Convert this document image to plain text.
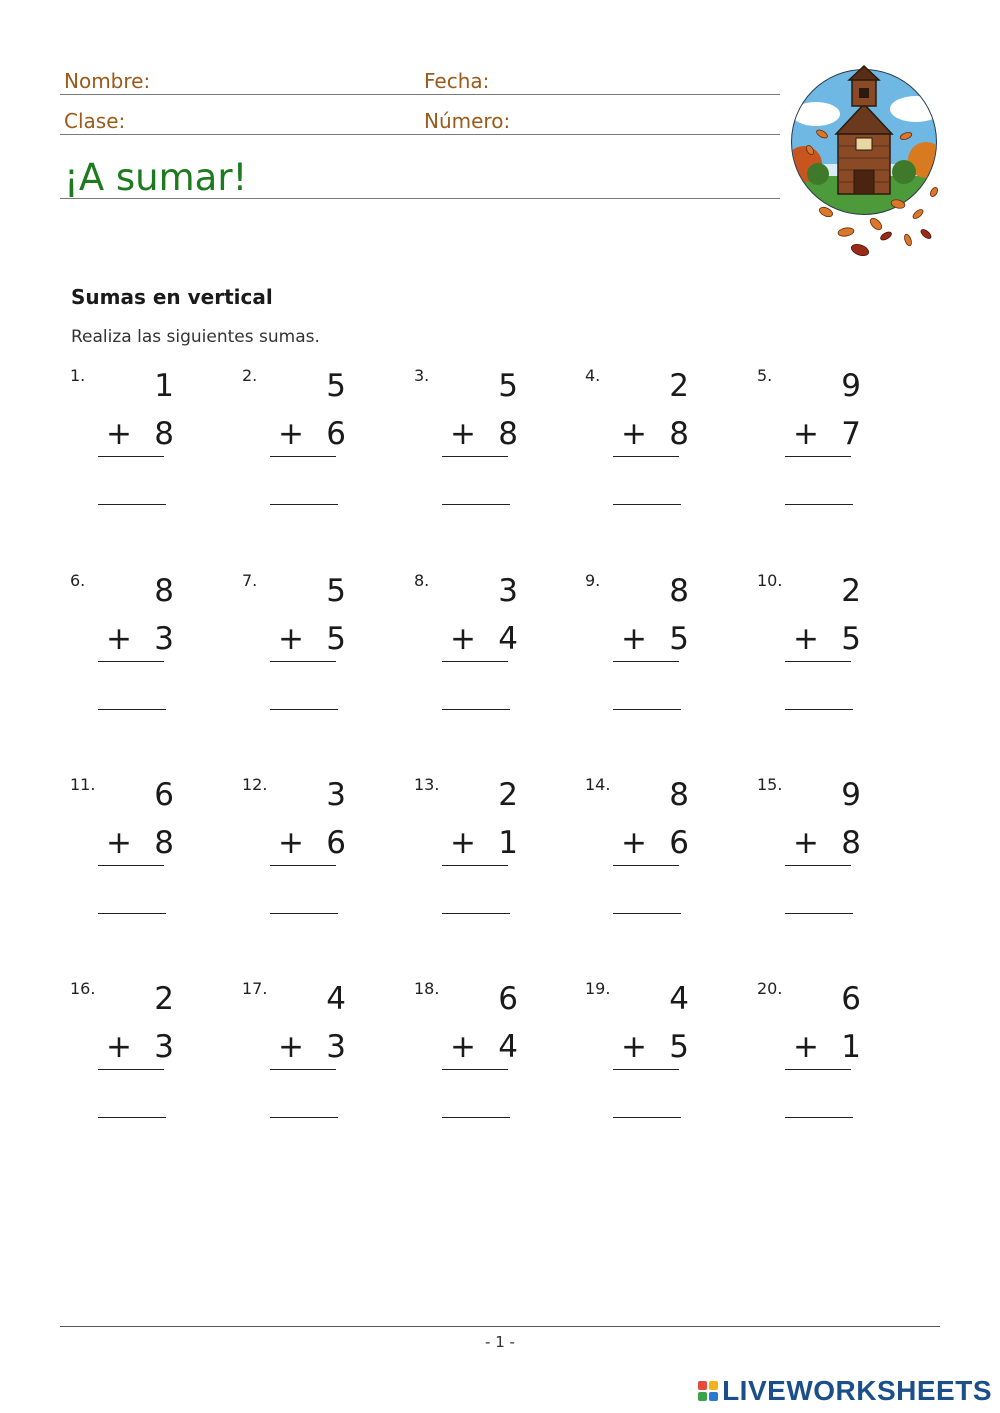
Nombre:	Fecha:
Clase:	Número:
¡A sumar!
Sumas en vertical
Realiza las siguientes sumas.
1.	1
+ 8
2.	5
+ 6
3.	5
+ 8
4.	2
+ 8
5.	9
+ 7
6.	8
+ 3
7.	5
+ 5
8.	3
+ 4
9.	8
+ 5
10.	2
+ 5
11.	6
+ 8
12.	3
+ 6
13.	2
+ 1
14.	8
+ 6
15.	9
+ 8
16.	2
+ 3
17.	4
+ 3
18.	6
+ 4
19.	4
+ 5
20.	6
+ 1
- 1 -
LIVEWORKSHEETS
